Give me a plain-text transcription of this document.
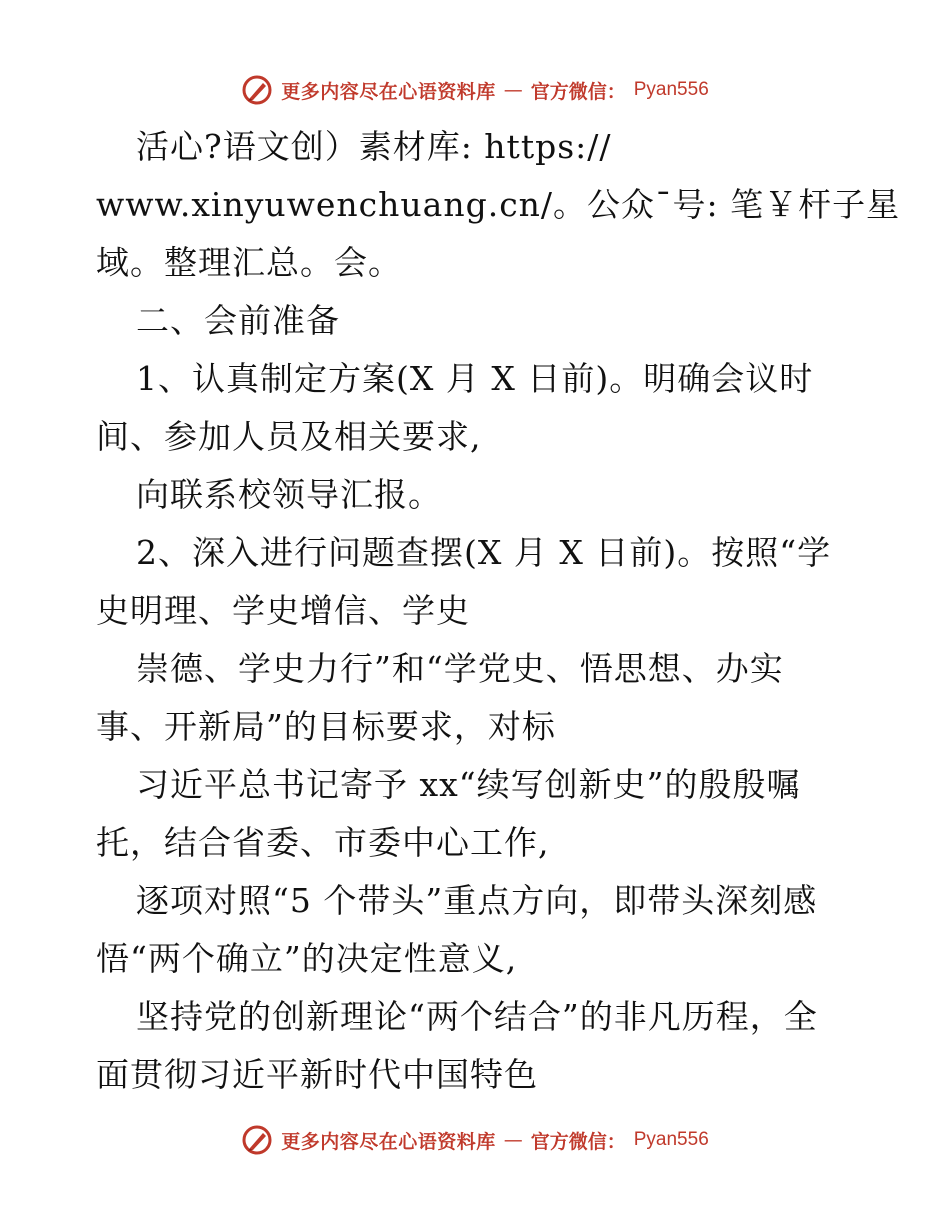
更多内容尽在心语资料库 — 官方微信： Pyan556
活心?语文创）素材库: https://
www.xinyuwenchuang.cn/。公众¯号: 笔￥杆子星
域。整理汇总。会。
二、会前准备
1、认真制定方案(X 月 X 日前)。明确会议时
间、参加人员及相关要求,
向联系校领导汇报。
2、深入进行问题查摆(X 月 X 日前)。按照“学
史明理、学史增信、学史
崇德、学史力行”和“学党史、悟思想、办实
事、开新局”的目标要求，对标
习近平总书记寄予 xx“续写创新史”的殷殷嘱
托，结合省委、市委中心工作,
逐项对照“5 个带头”重点方向，即带头深刻感
悟“两个确立”的决定性意义,
坚持党的创新理论“两个结合”的非凡历程，全
面贯彻习近平新时代中国特色
更多内容尽在心语资料库 — 官方微信： Pyan556
